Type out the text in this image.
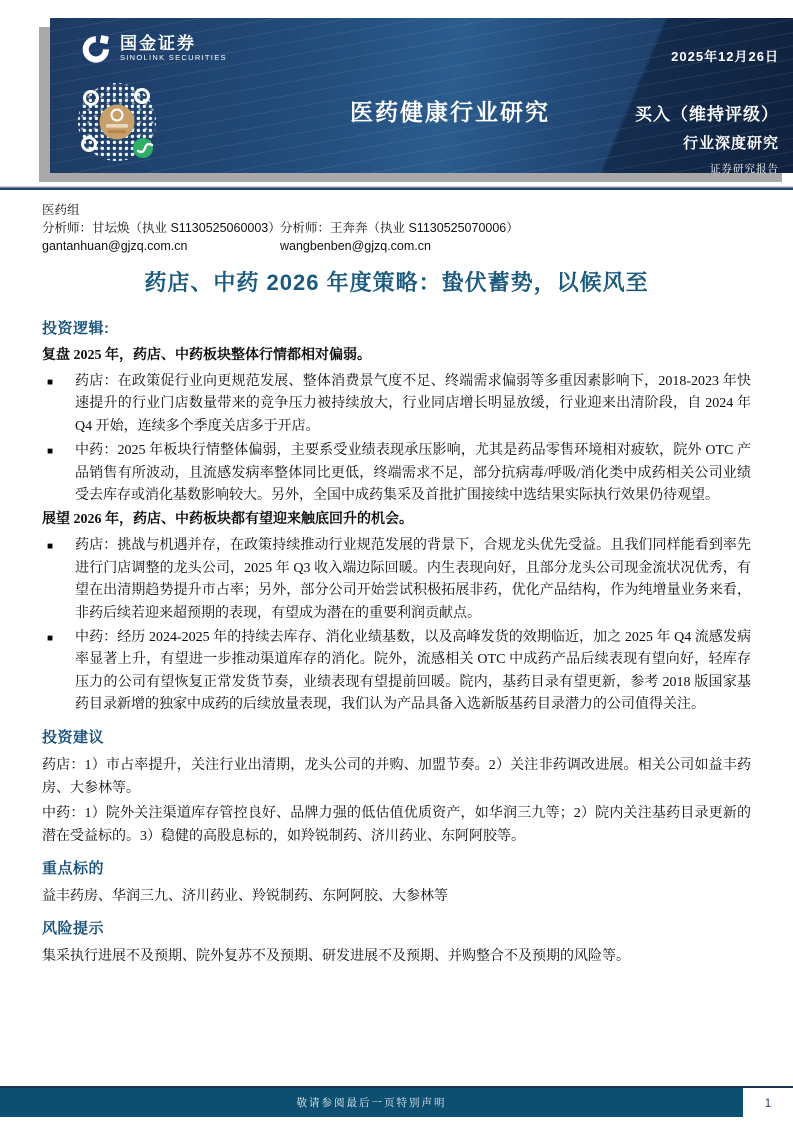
国金证券
SINOLINK SECURITIES	2025年12月26日
医药健康行业研究	买入（维持评级）
行业深度研究
证券研究报告
医药组
分析师：甘坛焕（执业 S1130525060003） 分析师：王奔奔（执业 S1130525070006）
gantanhuan@gjzq.com.cn	wangbenben@gjzq.com.cn
药店、中药 2026 年度策略：蛰伏蓄势，以候风至
投资逻辑:
复盘 2025 年，药店、中药板块整体行情都相对偏弱。
■ 药店：在政策促行业向更规范发展、整体消费景气度不足、终端需求偏弱等多重因素影响下，2018-2023 年快速提升的行业门店数量带来的竞争压力被持续放大，行业同店增长明显放缓，行业迎来出清阶段，自 2024 年 Q4 开始，连续多个季度关店多于开店。
■ 中药：2025 年板块行情整体偏弱，主要系受业绩表现承压影响，尤其是药品零售环境相对疲软，院外 OTC 产品销售有所波动，且流感发病率整体同比更低，终端需求不足，部分抗病毒/呼吸/消化类中成药相关公司业绩受去库存或消化基数影响较大。另外，全国中成药集采及首批扩围接续中选结果实际执行效果仍待观望。
展望 2026 年，药店、中药板块都有望迎来触底回升的机会。
■ 药店：挑战与机遇并存，在政策持续推动行业规范发展的背景下，合规龙头优先受益。且我们同样能看到率先进行门店调整的龙头公司，2025 年 Q3 收入端边际回暖。内生表现向好，且部分龙头公司现金流状况优秀，有望在出清期趋势提升市占率；另外，部分公司开始尝试积极拓展非药，优化产品结构，作为纯增量业务来看，非药后续若迎来超预期的表现，有望成为潜在的重要利润贡献点。
■ 中药：经历 2024-2025 年的持续去库存、消化业绩基数，以及高峰发货的效期临近，加之 2025 年 Q4 流感发病率显著上升，有望进一步推动渠道库存的消化。院外，流感相关 OTC 中成药产品后续表现有望向好，轻库存压力的公司有望恢复正常发货节奏，业绩表现有望提前回暖。院内，基药目录有望更新，参考 2018 版国家基药目录新增的独家中成药的后续放量表现，我们认为产品具备入选新版基药目录潜力的公司值得关注。
投资建议
药店：1）市占率提升，关注行业出清期，龙头公司的并购、加盟节奏。2）关注非药调改进展。相关公司如益丰药房、大参林等。
中药：1）院外关注渠道库存管控良好、品牌力强的低估值优质资产，如华润三九等；2）院内关注基药目录更新的潜在受益标的。3）稳健的高股息标的，如羚锐制药、济川药业、东阿阿胶等。
重点标的
益丰药房、华润三九、济川药业、羚锐制药、东阿阿胶、大参林等
风险提示
集采执行进展不及预期、院外复苏不及预期、研发进展不及预期、并购整合不及预期的风险等。
敬请参阅最后一页特别声明	1
